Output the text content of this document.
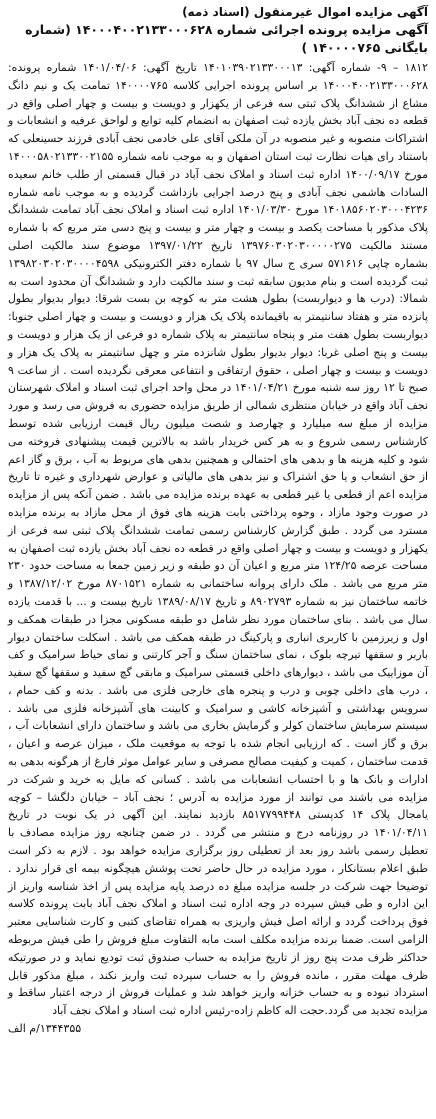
آگهی مزایده اموال غیرمنقول (اسناد ذمه)
آگهی مزایده پرونده اجرائی شماره ۱۴۰۰۰۴۰۰۲۱۳۳۰۰۰۶۲۸ (شماره بایگانی ۱۴۰۰۰۰۷۶۵ )

۱۸۱۲ – ۹- شماره آگهی: ۱۴۰۱۰۳۹۰۲۱۳۳۰۰۰۱۳ تاریخ آگهی: ۱۴۰۱/۰۴/۰۶ شماره پرونده: ۱۴۰۰۰۴۰۰۲۱۳۳۰۰۰۶۲۸ بر اساس پرونده اجرایی کلاسه ۱۴۰۰۰۰۷۶۵ تمامت یک و نیم دانگ مشاع از ششدانگ پلاک ثبتی سه فرعی از یکهزار و دویست و بیست و چهار اصلی واقع در قطعه ده نجف آباد بخش یازده ثبت اصفهان به انضمام کلیه توابع و لواحق عرفیه و انشعابات و اشتراکات منصوبه و غیر منصوبه در آن ملکی آقای علی خادمی نجف آبادی فرزند حسینعلی که باستناد رای هیات نظارت ثبت استان اصفهان و به موجب نامه شماره ۱۴۰۰۰۵۸۰۲۱۳۳۰۰۲۱۵۵ مورخ ۱۴۰۰/۰۹/۱۷ اداره ثبت اسناد و املاک نجف آباد در قبال قسمتی از طلب خانم سعیده السادات هاشمی نجف آبادی و پنج درصد اجرایی بازداشت گردیده و به موجب نامه شماره ۱۴۰۱۸۵۶۰۲۰۳۰۰۰۴۲۳۶ مورخ ۱۴۰۱/۰۳/۳۰ اداره ثبت اسناد و املاک نجف آباد تمامت ششدانگ پلاک مذکور با مساحت یکصد و بیست و چهار متر و بیست و پنج دسی متر مربع که با شماره مستند مالکیت ۱۳۹۷۶۰۳۰۲۰۳۰۰۰۰۰۲۷۵ تاریخ ۱۳۹۷/۰۱/۲۲ موضوع سند مالکیت اصلی بشماره چاپی ۵۷۱۶۱۶ سری ج سال ۹۷ با شماره دفتر الکترونیکی ۱۳۹۸۲۰۳۰۲۰۳۰۰۰۰۴۵۹۸ ثبت گردیده است و بنام مدیون سابقه ثبت و سند مالکیت دارد و ششدانگ آن محدود است به شمالا: (درب ها و دیواربست) بطول هشت متر به کوچه بن بست شرقا: دیوار بدیوار بطول پانزده متر و هفتاد سانتیمتر به باقیمانده پلاک یک هزار و دویست و بیست و چهار اصلی جنوبا: دیواربست بطول هفت متر و پنجاه سانتیمتر به پلاک شماره دو فرعی از یک هزار و دویست و بیست و پنج اصلی غربا: دیوار بدیوار بطول شانزده متر و چهل سانتیمتر به پلاک یک هزار و دویست و بیست و چهار اصلی ، حقوق ارتفاقی و انتفاعی معرفی نگردیده است . از ساعت ۹ صبح تا ۱۲ روز سه شنبه مورخ ۱۴۰۱/۰۴/۲۱ در محل واحد اجرای ثبت اسناد و املاک شهرستان نجف آباد واقع در خیابان منتظری شمالی از طریق مزایده حضوری به فروش می رسد و مورد مزایده از مبلغ سه میلیارد و چهارصد و شصت میلیون ریال قیمت ارزیابی شده توسط کارشناس رسمی شروع و به هر کس خریدار باشد به بالاترین قیمت پیشنهادی فروخته می شود و کلیه هزینه ها و بدهی های احتمالی و همچنین بدهی های مربوط به آب ، برق و گاز اعم از حق انشعاب و یا حق اشتراک و نیز بدهی های مالیاتی و عوارض شهرداری و غیره تا تاریخ مزایده اعم از قطعی یا غیر قطعی به عهده برنده مزایده می باشد . ضمن آنکه پس از مزایده در صورت وجود مازاد ، وجوه پرداختی بابت هزینه های فوق از محل مازاد به برنده مزایده مسترد می گردد . طبق گزارش کارشناس رسمی تمامت ششدانگ پلاک ثبتی سه فرعی از یکهزار و دویست و بیست و چهار اصلی واقع در قطعه ده نجف آباد بخش یازده ثبت اصفهان به مساحت عرصه ۱۲۴/۲۵ متر مربع و اعیان آن دو طبقه و زیر زمین جمعا به مساحت حدود ۲۳۰ متر مربع می باشد . ملک دارای پروانه ساختمانی به شماره ۸۷۰۱۵۲۱ مورخ ۱۳۸۷/۱۲/۰۲ و خاتمه ساختمان نیز به شماره ۸۹۰۲۷۹۳ و تاریخ ۱۳۸۹/۰۸/۱۷ تاریخ بیست و ... با قدمت یازده سال می باشد . بنای ساختمان مورد نظر شامل دو طبقه مسکونی مجزا در طبقات همکف و اول و زیرزمین با کاربری انباری و پارکینگ در طبقه همکف می باشد . اسکلت ساختمان دیوار باربر و سقفها تیرچه بلوک ، نمای ساختمان سنگ و آجر کارتنی و نمای حیاط سرامیک و کف آن موزاییک می باشد ، دیوارهای داخلی قسمتی سرامیک و مابقی گچ سفید و سقفها گچ سفید ، درب های داخلی چوبی و درب و پنجره های خارجی فلزی می باشد . بدنه و کف حمام ، سرویس بهداشتی و آشپزخانه کاشی و سرامیک و کابینت های آشپزخانه فلزی می باشد . سیستم سرمایش ساختمان کولر و گرمایش بخاری می باشد و ساختمان دارای انشعابات آب ، برق و گاز است . که ارزیابی انجام شده با توجه به موقعیت ملک ، میزان عرصه و اعیان ، قدمت ساختمان ، کمیت و کیفیت مصالح مصرفی و سایر عوامل موثر فارغ از هرگونه بدهی به ادارات و بانک ها و با احتساب انشعابات می باشد . کسانی که مایل به خرید و شرکت در مزایده می باشند می توانند از مورد مزایده به آدرس ؛ نجف آباد – خیابان دلگشا – کوچه یامجال پلاک ۱۴ کدپستی ۸۵۱۷۷۹۹۴۴۸ بازدید نمایند. این آگهی در یک نوبت در تاریخ ۱۴۰۱/۰۴/۱۱ در روزنامه درج و منتشر می گردد . در ضمن چنانچه روز مزایده مصادف با تعطیل رسمی باشد روز بعد از تعطیلی روز برگزاری مزایده خواهد بود . لازم به ذکر است طبق اعلام بستانکار ، مورد مزایده در حال حاضر تحت پوشش هیچگونه بیمه ای قرار ندارد . توضیحا جهت شرکت در جلسه مزایده مبلغ ده درصد پایه مزایده پس از اخذ شناسه واریز از این اداره و طی فیش سپرده در وجه اداره ثبت اسناد و املاک نجف آباد بابت پرونده کلاسه فوق پرداخت گردد و ارائه اصل فیش واریزی به همراه تقاضای کتبی و کارت شناسایی معتبر الزامی است. ضمنا برنده مزایده مکلف است مابه التفاوت مبلغ فروش را طی فیش مربوطه حداکثر ظرف مدت پنج روز از تاریخ مزایده به حساب صندوق ثبت تودیع نماید و در صورتیکه ظرف مهلت مقرر ، مانده فروش را به حساب سپرده ثبت واریز نکند ، مبلغ مذکور قابل استرداد نبوده و به حساب خزانه واریز خواهد شد و عملیات فروش از درجه اعتبار ساقط و مزایده تجدید می گردد.حجت اله کاظم زاده-رئیس اداره ثبت اسناد و املاک نجف آباد

۱۳۴۴۳۵۵/م الف
